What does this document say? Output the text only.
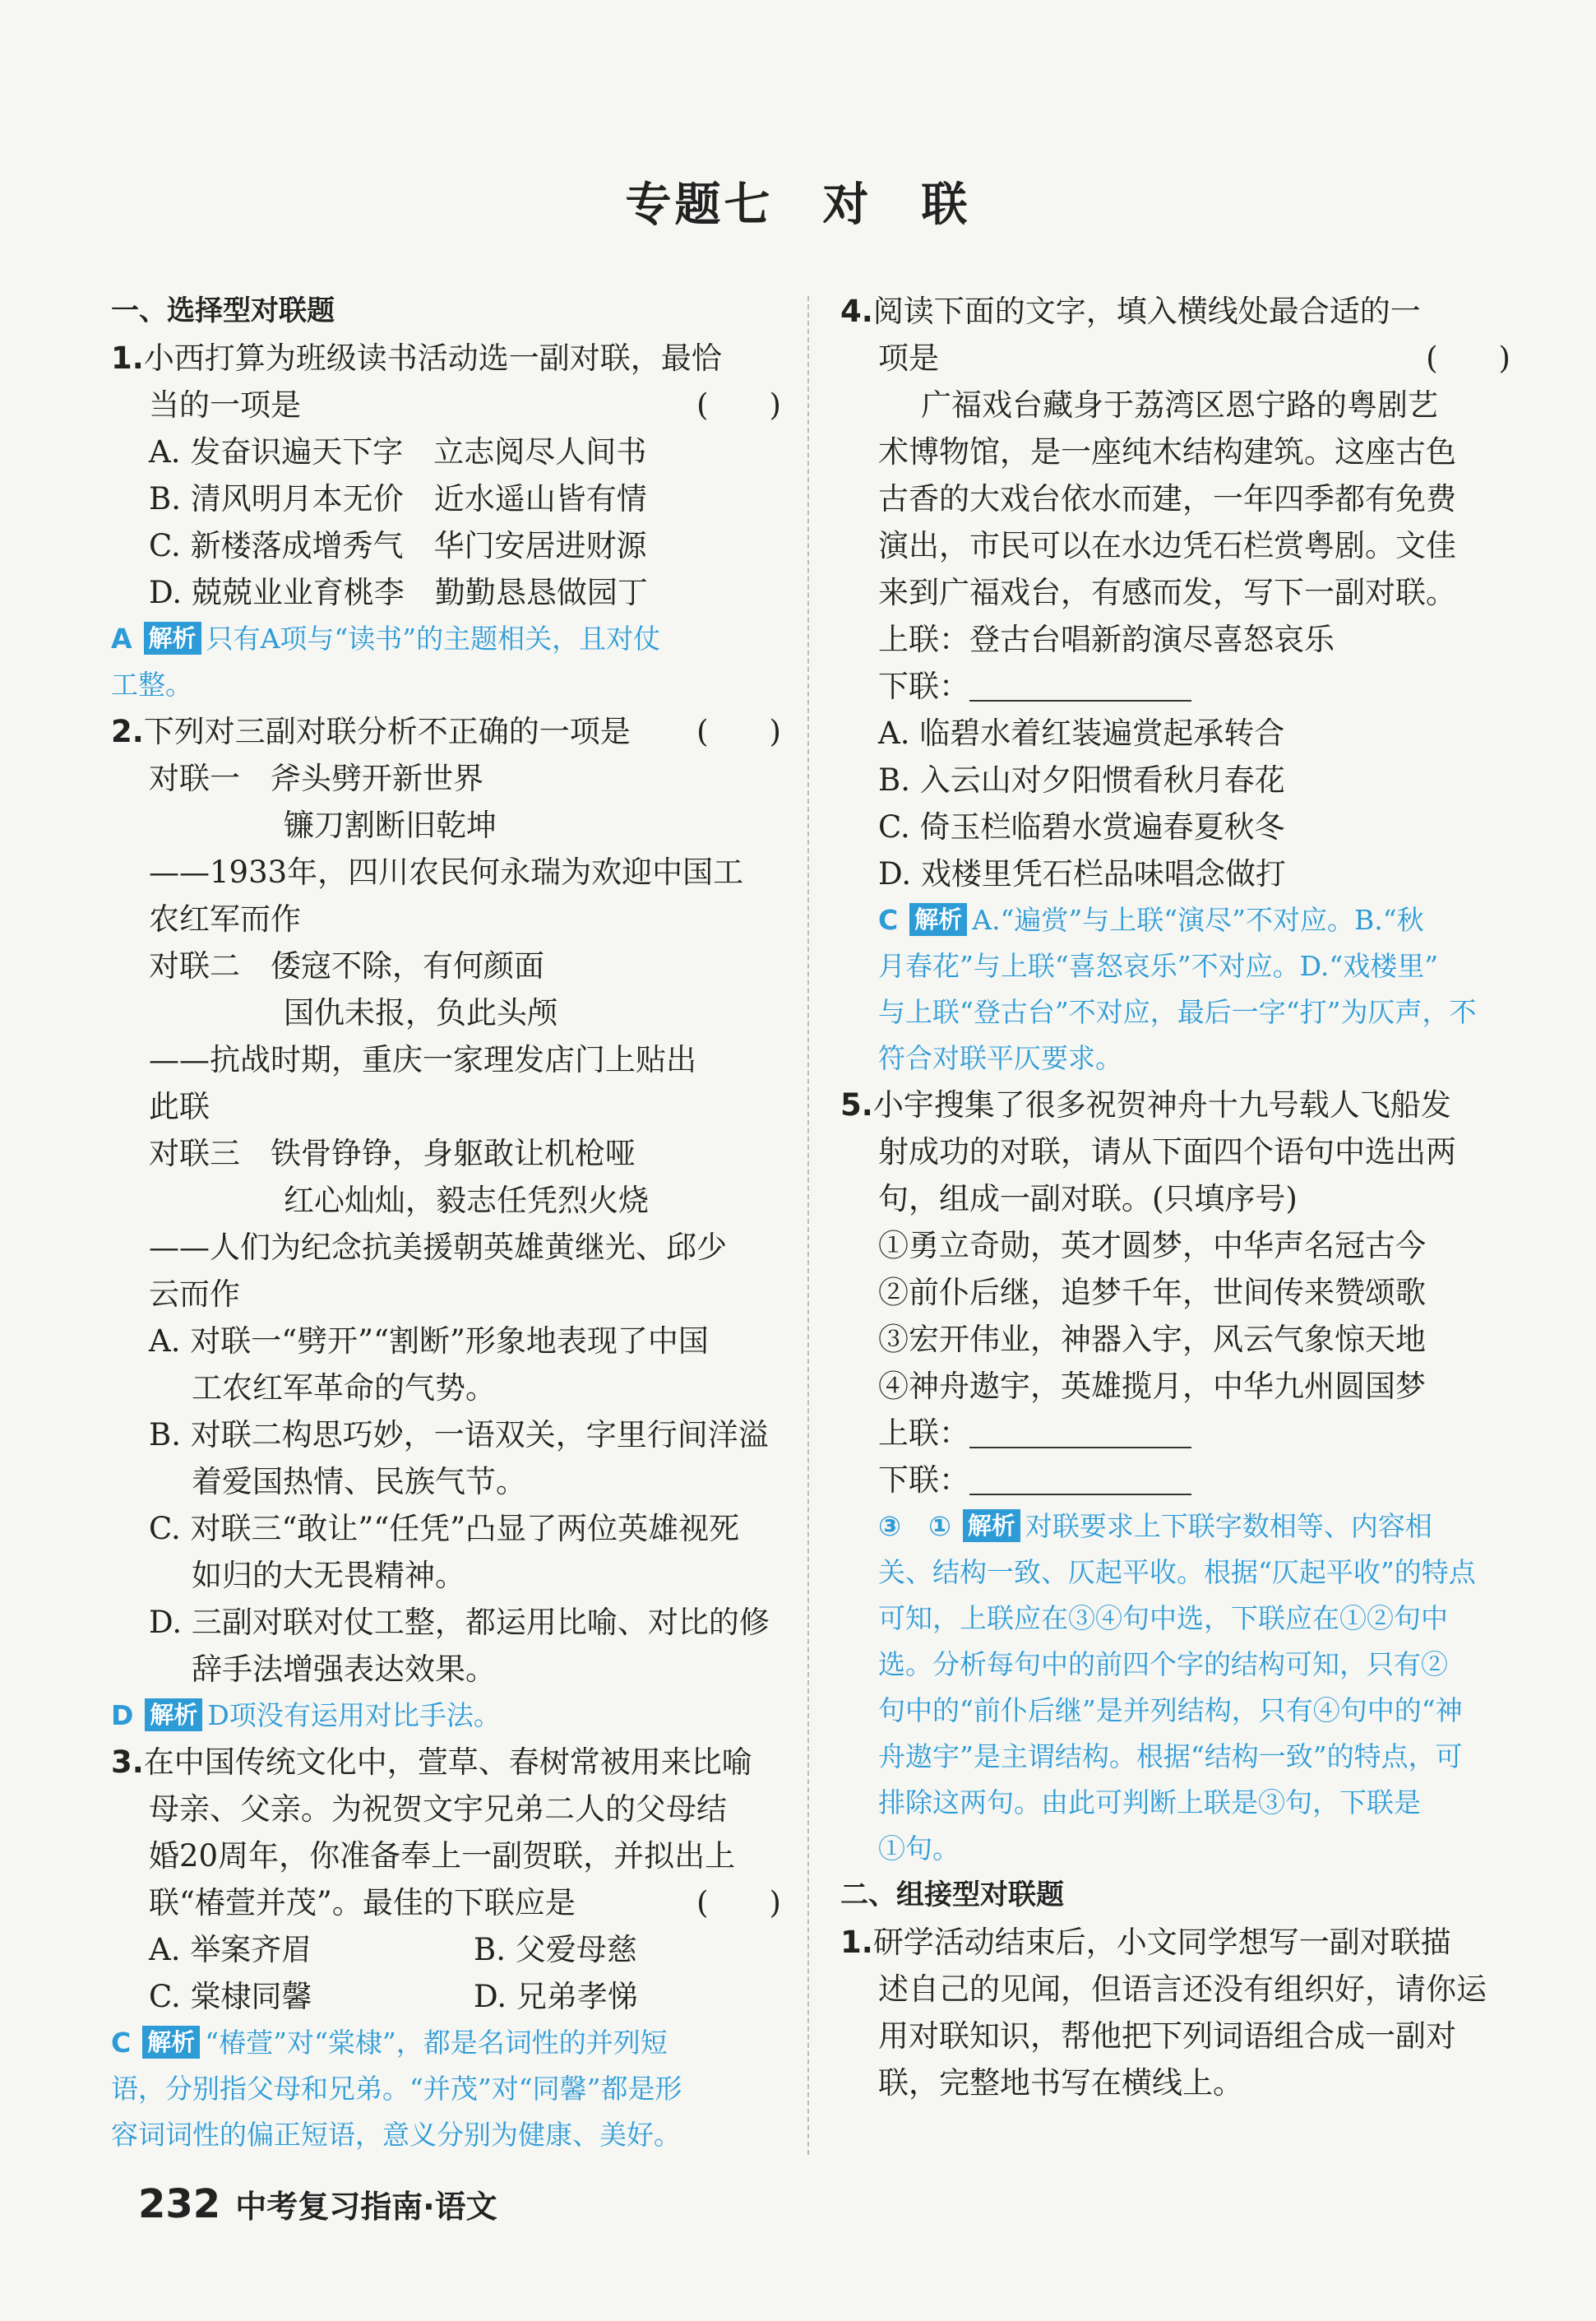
专题七　对　联
一、选择型对联题
1.小西打算为班级读书活动选一副对联，最恰
当的一项是	(　　)
A. 发奋识遍天下字　立志阅尽人间书
B. 清风明月本无价　近水遥山皆有情
C. 新楼落成增秀气　华门安居进财源
D. 兢兢业业育桃李　勤勤恳恳做园丁
A 解析 只有A项与“读书”的主题相关，且对仗
工整。
2.下列对三副对联分析不正确的一项是 (　　)
对联一　 斧头劈开新世界
镰刀割断旧乾坤
——1933年，四川农民何永瑞为欢迎中国工
农红军而作
对联二　 倭寇不除，有何颜面
国仇未报，负此头颅
——抗战时期，重庆一家理发店门上贴出
此联
对联三　 铁骨铮铮，身躯敢让机枪哑
红心灿灿，毅志任凭烈火烧
——人们为纪念抗美援朝英雄黄继光、邱少
云而作
A. 对联一“劈开”“割断”形象地表现了中国
工农红军革命的气势。
B. 对联二构思巧妙，一语双关，字里行间洋溢
着爱国热情、民族气节。
C. 对联三“敢让”“任凭”凸显了两位英雄视死
如归的大无畏精神。
D. 三副对联对仗工整，都运用比喻、对比的修
辞手法增强表达效果。
D 解析 D项没有运用对比手法。
3.在中国传统文化中，萱草、春树常被用来比喻
母亲、父亲。为祝贺文宇兄弟二人的父母结
婚20周年，你准备奉上一副贺联，并拟出上
联“椿萱并茂”。最佳的下联应是	(　　)
A. 举案齐眉	B. 父爱母慈
C. 棠棣同馨	D. 兄弟孝悌
C 解析 “椿萱”对“棠棣”，都是名词性的并列短
语，分别指父母和兄弟。“并茂”对“同馨”都是形
容词词性的偏正短语，意义分别为健康、美好。
4.阅读下面的文字，填入横线处最合适的一
项是	(　　)
广福戏台藏身于荔湾区恩宁路的粤剧艺
术博物馆，是一座纯木结构建筑。这座古色
古香的大戏台依水而建，一年四季都有免费
演出，市民可以在水边凭石栏赏粤剧。文佳
来到广福戏台，有感而发，写下一副对联。
上联：登古台唱新韵演尽喜怒哀乐
下联：
A. 临碧水着红装遍赏起承转合
B. 入云山对夕阳惯看秋月春花
C. 倚玉栏临碧水赏遍春夏秋冬
D. 戏楼里凭石栏品味唱念做打
C 解析 A.“遍赏”与上联“演尽”不对应。B.“秋
月春花”与上联“喜怒哀乐”不对应。D.“戏楼里”
与上联“登古台”不对应，最后一字“打”为仄声，不
符合对联平仄要求。
5.小宇搜集了很多祝贺神舟十九号载人飞船发
射成功的对联，请从下面四个语句中选出两
句，组成一副对联。(只填序号)
①勇立奇勋，英才圆梦，中华声名冠古今
②前仆后继，追梦千年，世间传来赞颂歌
③宏开伟业，神器入宇，风云气象惊天地
④神舟遨宇，英雄揽月，中华九州圆国梦
上联：
下联：
③　① 解析 对联要求上下联字数相等、内容相
关、结构一致、仄起平收。根据“仄起平收”的特点
可知，上联应在③④句中选，下联应在①②句中
选。分析每句中的前四个字的结构可知，只有②
句中的“前仆后继”是并列结构，只有④句中的“神
舟遨宇”是主谓结构。根据“结构一致”的特点，可
排除这两句。由此可判断上联是③句，下联是
①句。
二、组接型对联题
1.研学活动结束后，小文同学想写一副对联描
述自己的见闻，但语言还没有组织好，请你运
用对联知识，帮他把下列词语组合成一副对
联，完整地书写在横线上。
232 中考复习指南·语文
